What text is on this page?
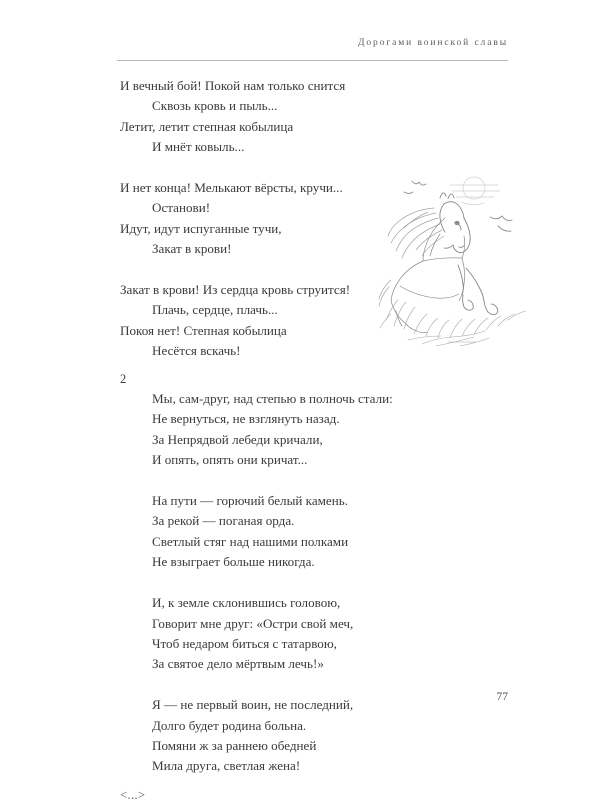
Дорогами воинской славы
И вечный бой! Покой нам только снится
Сквозь кровь и пыль...
Летит, летит степная кобылица
И мнёт ковыль...
И нет конца! Мелькают вёрсты, кручи...
Останови!
Идут, идут испуганные тучи,
Закат в крови!
Закат в крови! Из сердца кровь струится!
Плачь, сердце, плачь...
Покоя нет! Степная кобылица
Несётся вскачь!
2
Мы, сам-друг, над степью в полночь стали:
Не вернуться, не взглянуть назад.
За Непрядвой лебеди кричали,
И опять, опять они кричат...
На пути — горючий белый камень.
За рекой — поганая орда.
Светлый стяг над нашими полками
Не взыграет больше никогда.
И, к земле склонившись головою,
Говорит мне друг: «Остри свой меч,
Чтоб недаром биться с татарвою,
За святое дело мёртвым лечь!»
Я — не первый воин, не последний,
Долго будет родина больна.
Помяни ж за раннею обедней
Мила друга, светлая жена!
<...>
77
